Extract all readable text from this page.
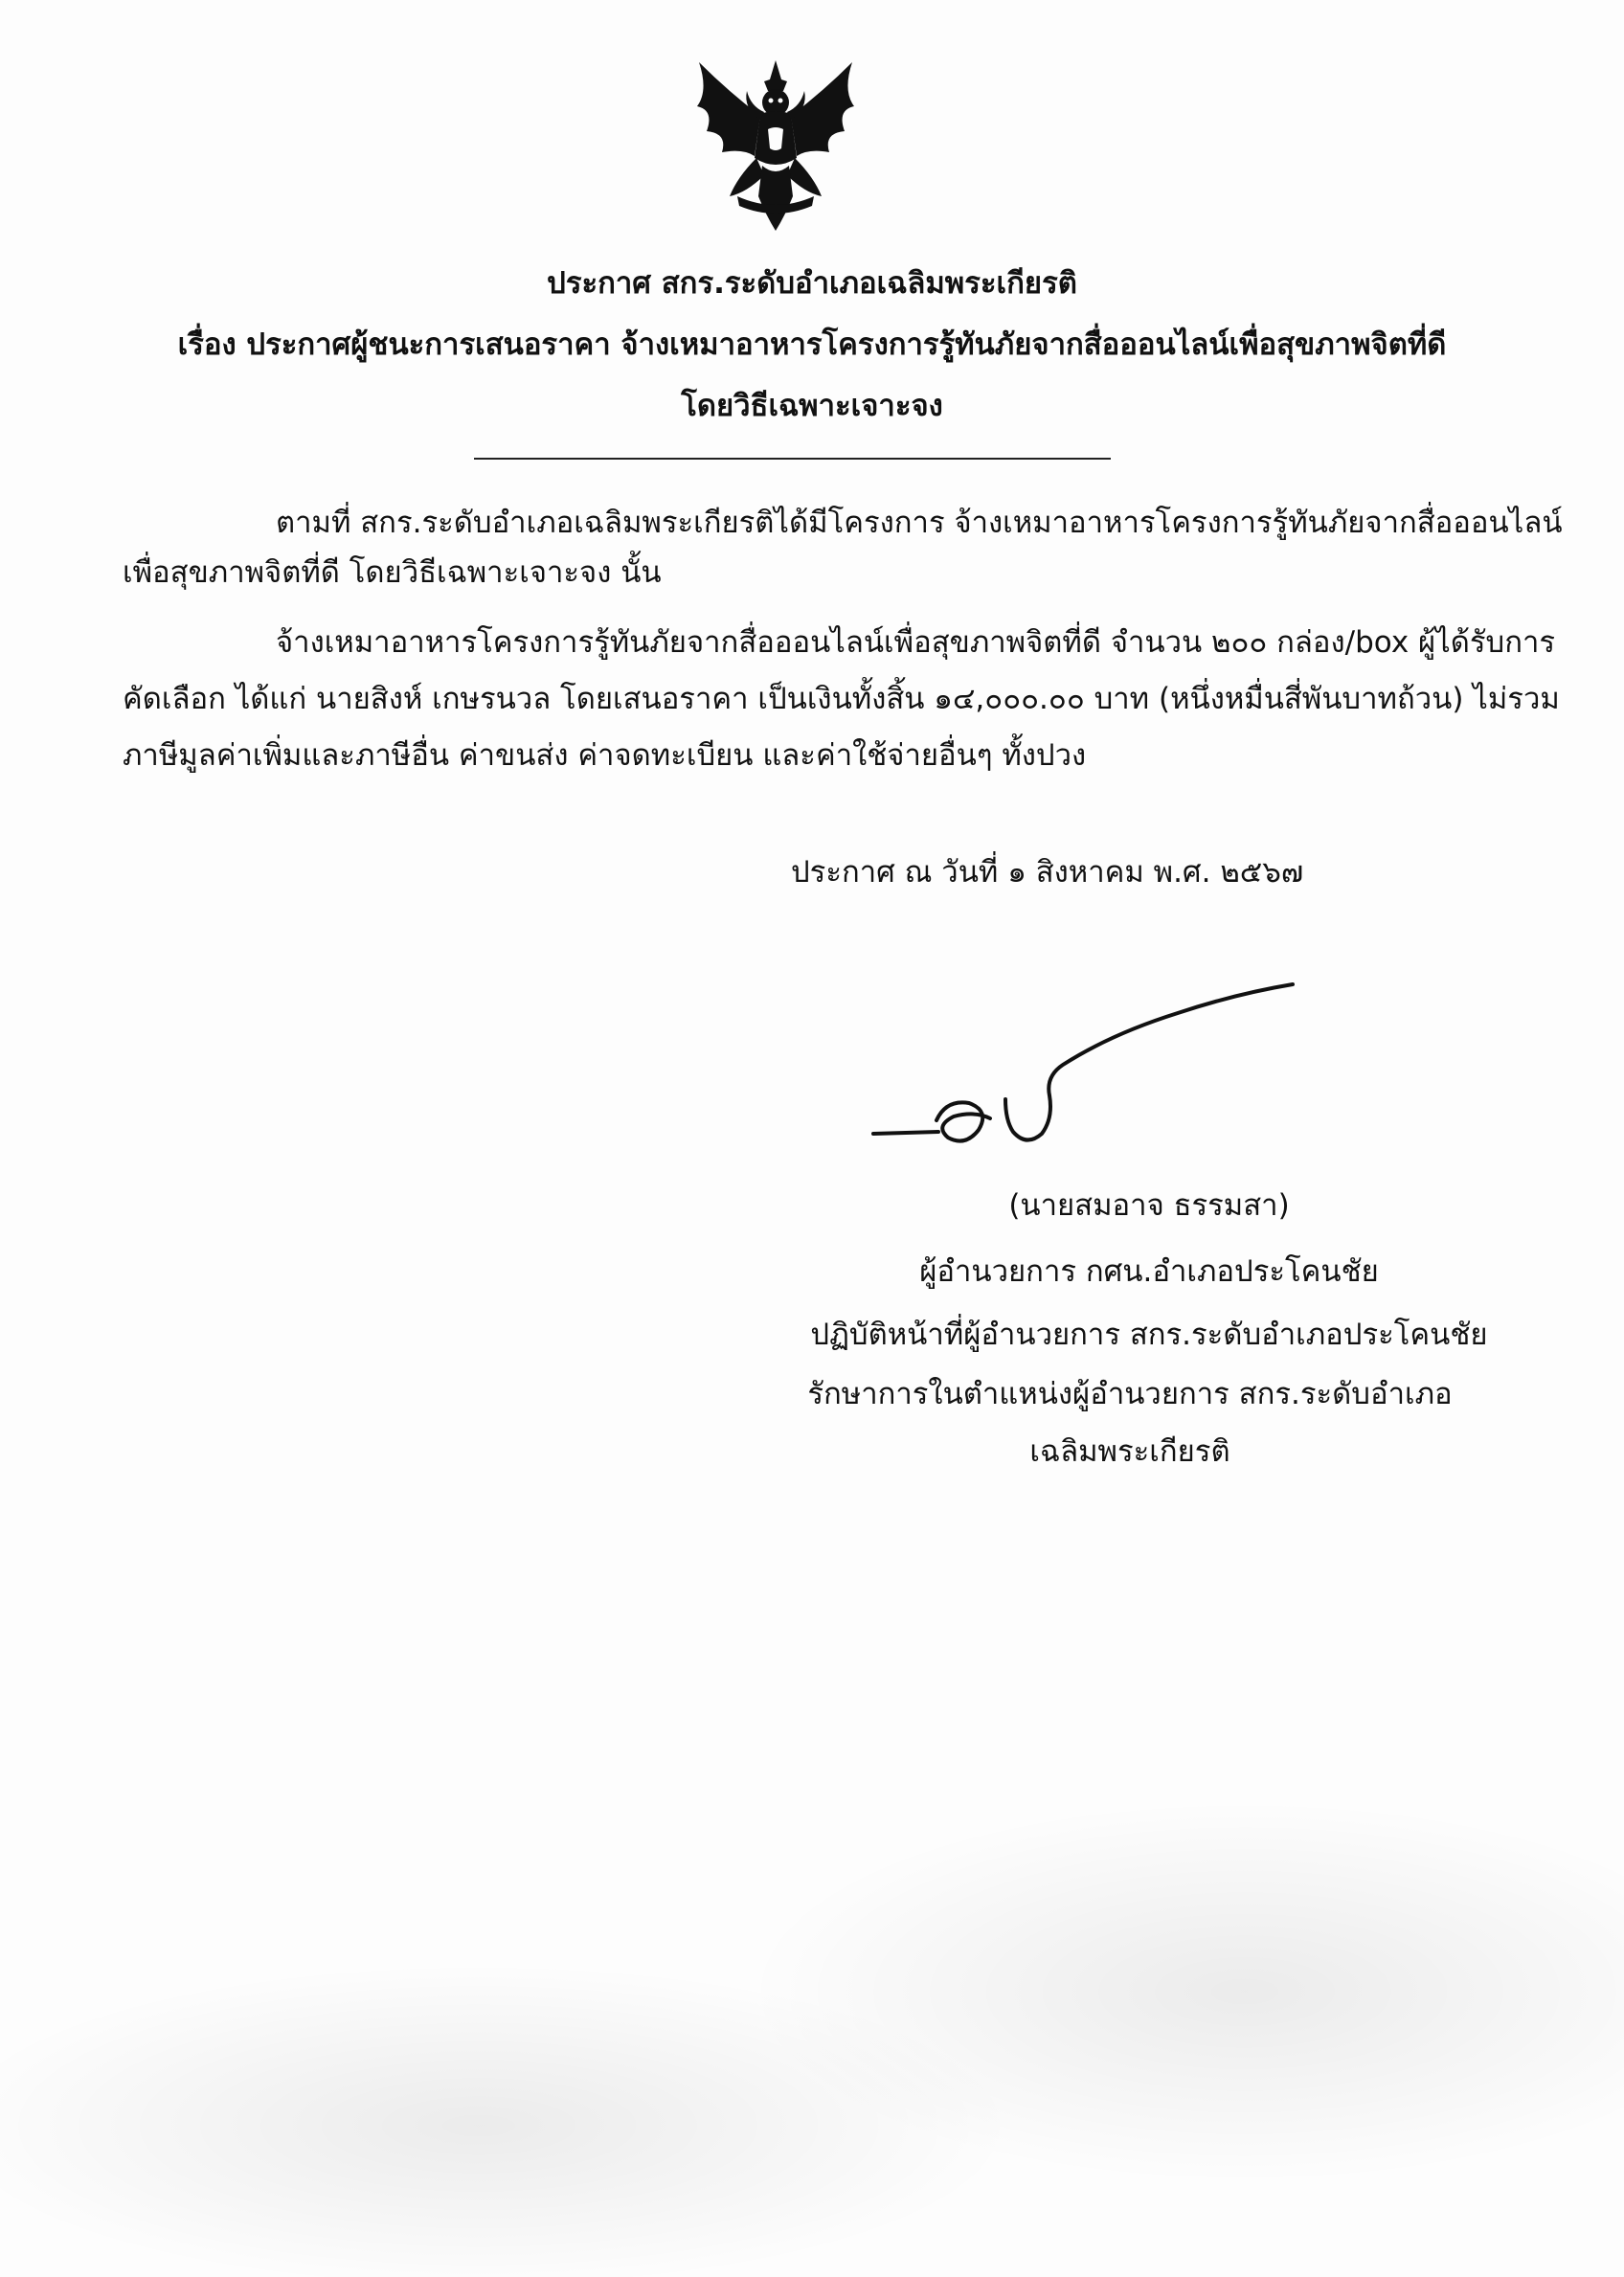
ประกาศ สกร.ระดับอำเภอเฉลิมพระเกียรติ
เรื่อง ประกาศผู้ชนะการเสนอราคา จ้างเหมาอาหารโครงการรู้ทันภัยจากสื่อออนไลน์เพื่อสุขภาพจิตที่ดี
โดยวิธีเฉพาะเจาะจง
ตามที่ สกร.ระดับอำเภอเฉลิมพระเกียรติได้มีโครงการ จ้างเหมาอาหารโครงการรู้ทันภัยจากสื่อออนไลน์
เพื่อสุขภาพจิตที่ดี โดยวิธีเฉพาะเจาะจง นั้น
จ้างเหมาอาหารโครงการรู้ทันภัยจากสื่อออนไลน์เพื่อสุขภาพจิตที่ดี จำนวน ๒๐๐ กล่อง/box ผู้ได้รับการ
คัดเลือก ได้แก่ นายสิงห์ เกษรนวล โดยเสนอราคา เป็นเงินทั้งสิ้น ๑๔,๐๐๐.๐๐ บาท (หนึ่งหมื่นสี่พันบาทถ้วน) ไม่รวม
ภาษีมูลค่าเพิ่มและภาษีอื่น ค่าขนส่ง ค่าจดทะเบียน และค่าใช้จ่ายอื่นๆ ทั้งปวง
ประกาศ ณ วันที่ ๑ สิงหาคม พ.ศ. ๒๕๖๗
(นายสมอาจ ธรรมสา)
ผู้อำนวยการ กศน.อำเภอประโคนชัย
ปฏิบัติหน้าที่ผู้อำนวยการ สกร.ระดับอำเภอประโคนชัย
รักษาการในตำแหน่งผู้อำนวยการ สกร.ระดับอำเภอ
เฉลิมพระเกียรติ
